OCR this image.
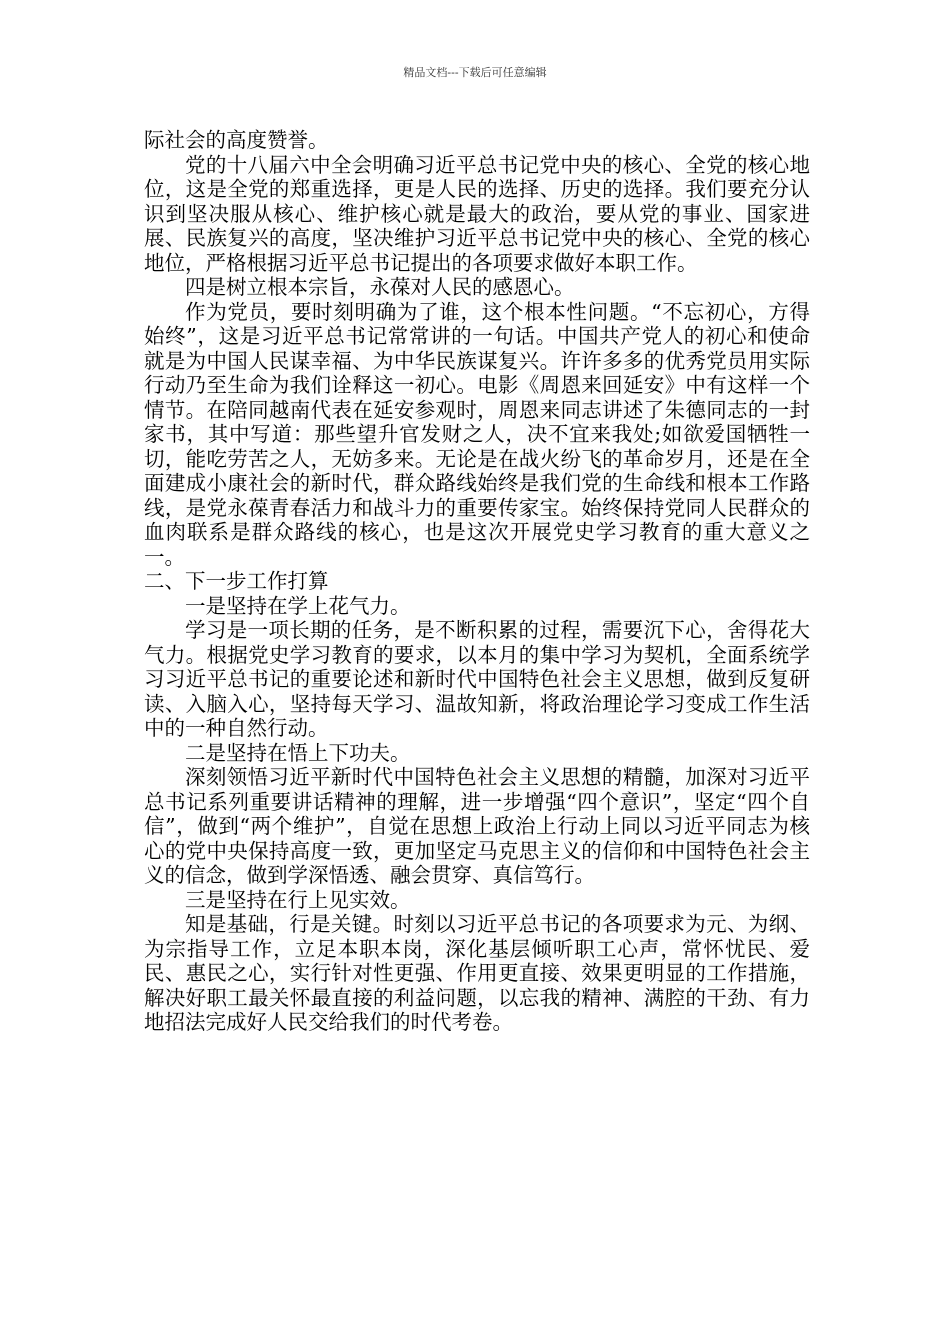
精品文档---下载后可任意编辑

际社会的高度赞誉。

党的十八届六中全会明确习近平总书记党中央的核心、全党的核心地位，这是全党的郑重选择，更是人民的选择、历史的选择。我们要充分认识到坚决服从核心、维护核心就是最大的政治，要从党的事业、国家进展、民族复兴的高度，坚决维护习近平总书记党中央的核心、全党的核心地位，严格根据习近平总书记提出的各项要求做好本职工作。

四是树立根本宗旨，永葆对人民的感恩心。

作为党员，要时刻明确为了谁，这个根本性问题。“不忘初心，方得始终”，这是习近平总书记常常讲的一句话。中国共产党人的初心和使命就是为中国人民谋幸福、为中华民族谋复兴。许许多多的优秀党员用实际行动乃至生命为我们诠释这一初心。电影《周恩来回延安》中有这样一个情节。在陪同越南代表在延安参观时，周恩来同志讲述了朱德同志的一封家书，其中写道：那些望升官发财之人，决不宜来我处;如欲爱国牺牲一切，能吃劳苦之人，无妨多来。无论是在战火纷飞的革命岁月，还是在全面建成小康社会的新时代，群众路线始终是我们党的生命线和根本工作路线，是党永葆青春活力和战斗力的重要传家宝。始终保持党同人民群众的血肉联系是群众路线的核心，也是这次开展党史学习教育的重大意义之一。

二、下一步工作打算

一是坚持在学上花气力。

学习是一项长期的任务，是不断积累的过程，需要沉下心，舍得花大气力。根据党史学习教育的要求，以本月的集中学习为契机，全面系统学习习近平总书记的重要论述和新时代中国特色社会主义思想，做到反复研读、入脑入心，坚持每天学习、温故知新，将政治理论学习变成工作生活中的一种自然行动。

二是坚持在悟上下功夫。

深刻领悟习近平新时代中国特色社会主义思想的精髓，加深对习近平总书记系列重要讲话精神的理解，进一步增强“四个意识”，坚定“四个自信”，做到“两个维护”，自觉在思想上政治上行动上同以习近平同志为核心的党中央保持高度一致，更加坚定马克思主义的信仰和中国特色社会主义的信念，做到学深悟透、融会贯穿、真信笃行。

三是坚持在行上见实效。

知是基础，行是关键。时刻以习近平总书记的各项要求为元、为纲、为宗指导工作，立足本职本岗，深化基层倾听职工心声，常怀忧民、爱民、惠民之心，实行针对性更强、作用更直接、效果更明显的工作措施，解决好职工最关怀最直接的利益问题，以忘我的精神、满腔的干劲、有力地招法完成好人民交给我们的时代考卷。
